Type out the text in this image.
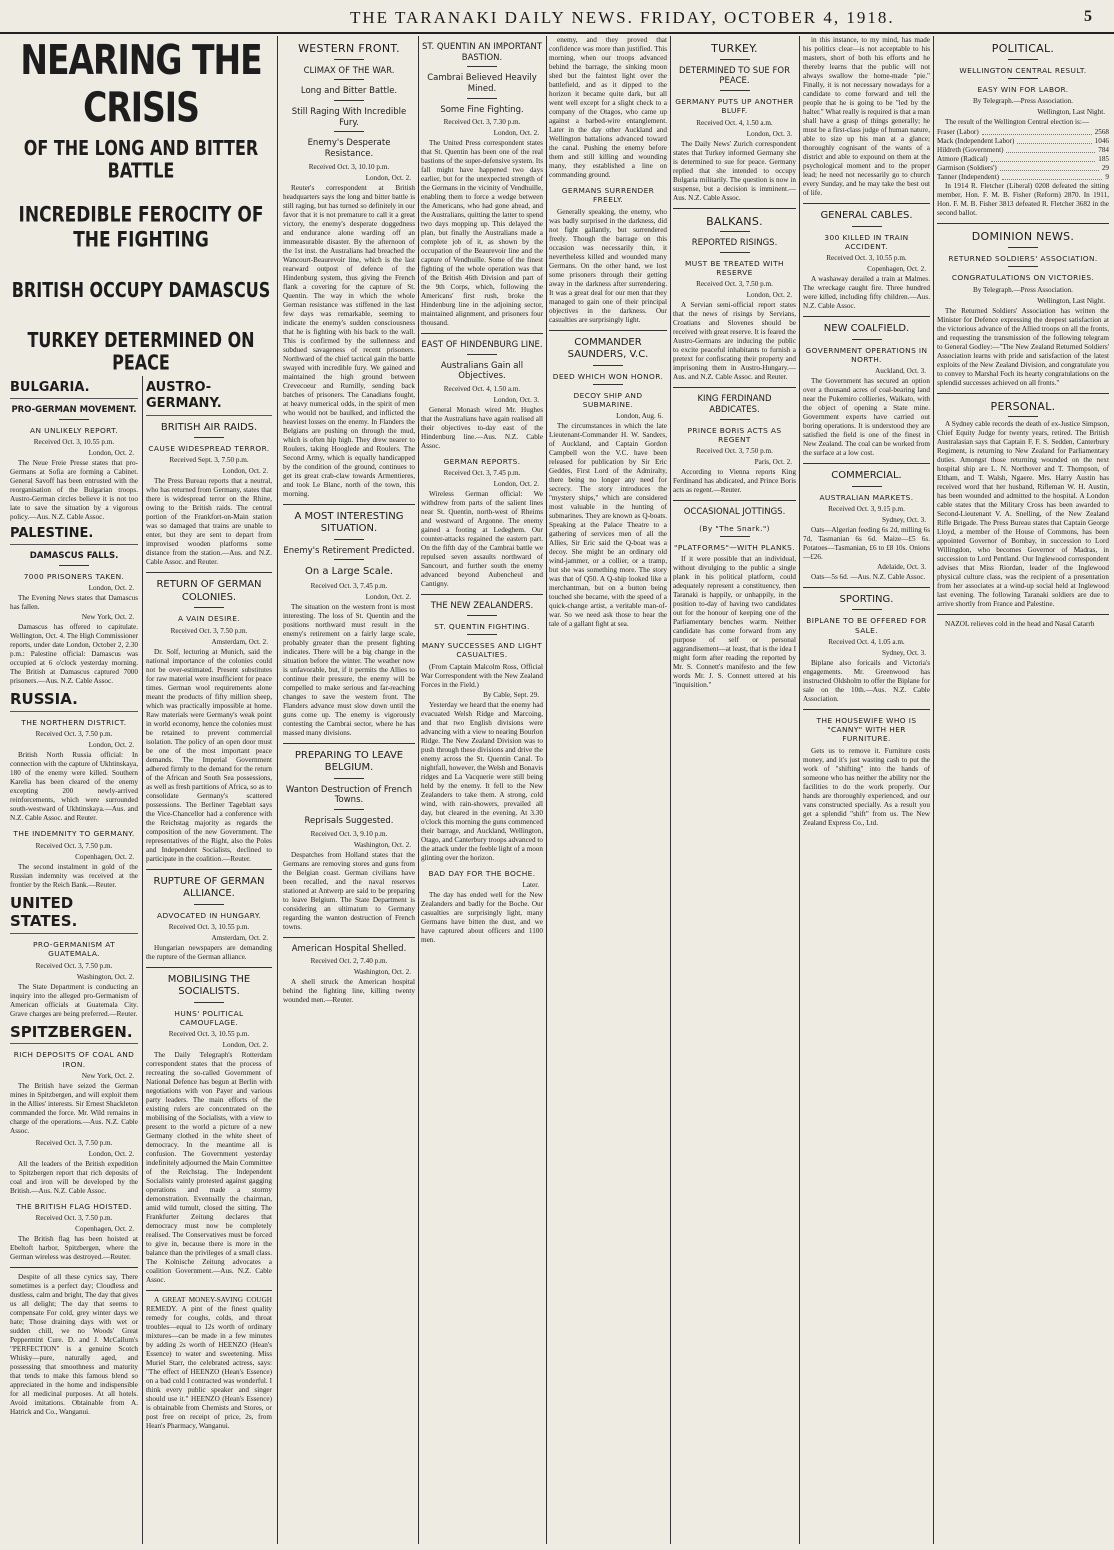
THE TARANAKI DAILY NEWS. FRIDAY, OCTOBER 4, 1918.	5
NEARING THE CRISIS
OF THE LONG AND BITTER BATTLE
INCREDIBLE FEROCITY OF THE FIGHTING
BRITISH OCCUPY DAMASCUS
TURKEY DETERMINED ON PEACE
BULGARIA.
PRO-GERMAN MOVEMENT.
AN UNLIKELY REPORT.
Received Oct. 3, 10.55 p.m.
London, Oct. 2.

The Neue Freie Presse states that pro-Germans at Sofia are forming a Cabinet. General Savoff has been entrusted with the reorganisation of the Bulgarian troops. Austro-German circles believe it is not too late to save the situation by a vigorous policy.—Aus. N.Z. Cable Assoc.

PALESTINE.
DAMASCUS FALLS.
7000 PRISONERS TAKEN.
London, Oct. 2.

The Evening News states that Damascus has fallen.

New York, Oct. 2.

Damascus has offered to capitulate. Wellington, Oct. 4. The High Commissioner reports, under date London, October 2, 2.30 p.m.: Palestine official: Damascus was occupied at 6 o'clock yesterday morning. The British at Damascus captured 7000 prisoners.—Aus. N.Z. Cable Assoc.

RUSSIA.
THE NORTHERN DISTRICT.
Received Oct. 3, 7.50 p.m.
London, Oct. 2.

British North Russia official: In connection with the capture of Ukhtinskaya, 180 of the enemy were killed. Southern Karelia has been cleared of the enemy excepting 200 newly-arrived reinforcements, which were surrounded south-westward of Ukhtinskaya.—Aus. and N.Z. Cable Assoc. and Reuter.

THE INDEMNITY TO GERMANY.
Received Oct. 3, 7.50 p.m.
Copenhagen, Oct. 2.

The second instalment in gold of the Russian indemnity was received at the frontier by the Reich Bank.—Reuter.

UNITED STATES.
PRO-GERMANISM AT GUATEMALA.
Received Oct. 3, 7.50 p.m.
Washington, Oct. 2.

The State Department is conducting an inquiry into the alleged pro-Germanism of American officials at Guatemala City. Grave charges are being preferred.—Reuter.

SPITZBERGEN.
RICH DEPOSITS OF COAL AND IRON.
New York, Oct. 2.

The British have seized the German mines in Spitzbergen, and will exploit them in the Allies' interests. Sir Ernest Shackleton commanded the force. Mr. Wild remains in charge of the operations.—Aus. N.Z. Cable Assoc.

Received Oct. 3, 7.50 p.m.
London, Oct. 2.

All the leaders of the British expedition to Spitzbergen report that rich deposits of coal and iron will be developed by the British.—Aus. N.Z. Cable Assoc.

THE BRITISH FLAG HOISTED.
Received Oct. 3, 7.50 p.m.
Copenhagen, Oct. 2.

The British flag has been hoisted at Ebeltoft harbor, Spitzbergen, where the German wireless was destroyed.—Reuter.

Despite of all these cynics say, There sometimes is a perfect day; Cloudless and dustless, calm and bright, The day that gives us all delight; The day that seems to compensate For cold, grey winter days we hate; Those draining days with wet or sudden chill, we no Woods' Great Peppermint Cure. D. and J. McCallum's "PERFECTION" is a genuine Scotch Whisky—pure, naturally aged, and possessing that smoothness and maturity that tends to make this famous blend so appreciated in the home and indispensible for all medicinal purposes. At all hotels. Avoid imitations. Obtainable from A. Hatrick and Co., Wanganui.

AUSTRO-GERMANY.
BRITISH AIR RAIDS.
CAUSE WIDESPREAD TERROR.
Received Sept. 3, 7.50 p.m.
London, Oct. 2.

The Press Bureau reports that a neutral, who has returned from Germany, states that there is widespread terror on the Rhine, owing to the British raids. The central portion of the Frankfort-on-Main station was so damaged that trains are unable to enter, but they are sent to depart from improvised wooden platforms some distance from the station.—Aus. and N.Z. Cable Assoc. and Reuter.

RETURN OF GERMAN COLONIES.
A VAIN DESIRE.
Received Oct. 3, 7.50 p.m.
Amsterdam, Oct. 2.

Dr. Solf, lecturing at Munich, said the national importance of the colonies could not be over-estimated. Present substitutes for raw material were insufficient for peace times. German wool requirements alone meant the products of fifty million sheep, which was practically impossible at home. Raw materials were Germany's weak point in world economy, hence the colonies must be retained to prevent commercial isolation. The policy of an open door must be one of the most important peace demands. The Imperial Government adhered firmly to the demand for the return of the African and South Sea possessions, as well as fresh partitions of Africa, so as to consolidate Germany's scattered possessions. The Berliner Tageblatt says the Vice-Chancellor had a conference with the Reichstag majority as regards the composition of the new Government. The representatives of the Right, also the Poles and Independent Socialists, declined to participate in the coalition.—Reuter.

RUPTURE OF GERMAN ALLIANCE.
ADVOCATED IN HUNGARY.
Received Oct. 3, 10.55 p.m.
Amsterdam, Oct. 2.

Hungarian newspapers are demanding the rupture of the German alliance.

MOBILISING THE SOCIALISTS.
HUNS' POLITICAL CAMOUFLAGE.
Received Oct. 3, 10.55 p.m.
London, Oct. 2.

The Daily Telegraph's Rotterdam correspondent states that the process of recreating the so-called Government of National Defence has begun at Berlin with negotiations with von Payer and various party leaders. The main efforts of the existing rulers are concentrated on the mobilising of the Socialists, with a view to present to the world a picture of a new Germany clothed in the white sheet of democracy. In the meantime all is confusion. The Government yesterday indefinitely adjourned the Main Committee of the Reichstag. The Independent Socialists vainly protested against gagging operations and made a stormy demonstration. Eventually the chairman, amid wild tumult, closed the sitting. The Frankfurter Zeitung declares that democracy must now be completely realised. The Conservatives must be forced to give in, because there is more in the balance than the privileges of a small class. The Kolnische Zeitung advocates a coalition Government.—Aus. N.Z. Cable Assoc.

A GREAT MONEY-SAVING COUGH REMEDY. A pint of the finest quality remedy for coughs, colds, and throat troubles—equal to 12s worth of ordinary mixtures—can be made in a few minutes by adding 2s worth of HEENZO (Hean's Essence) to water and sweetening. Miss Muriel Starr, the celebrated actress, says: "The effect of HEENZO (Hean's Essence) on a bad cold I contracted was wonderful. I think every public speaker and singer should use it." HEENZO (Hean's Essence) is obtainable from Chemists and Stores, or post free on receipt of price, 2s, from Hean's Pharmacy, Wanganui.

WESTERN FRONT.
CLIMAX OF THE WAR.
Long and Bitter Battle.
Still Raging With Incredible Fury.
Enemy's Desperate Resistance.
Received Oct. 3, 10.10 p.m.
London, Oct. 2.

Reuter's correspondent at British headquarters says the long and bitter battle is still raging, but has turned so definitely in our favor that it is not premature to call it a great victory, the enemy's desperate doggedness and endurance alone warding off an immeasurable disaster. By the afternoon of the 1st inst. the Australians had breached the Wancourt-Beaurevoir line, which is the last rearward outpost of defence of the Hindenburg system, thus giving the French flank a covering for the capture of St. Quentin. The way in which the whole German resistance was stiffened in the last few days was remarkable, seeming to indicate the enemy's sudden consciousness that he is fighting with his back to the wall. This is confirmed by the sullenness and subdued savageness of recent prisoners. Northward of the chief tactical gain the battle swayed with incredible fury. We gained and maintained the high ground between Crevecoeur and Rumilly, sending back batches of prisoners. The Canadians fought, at heavy numerical odds, in the spirit of men who would not be baulked, and inflicted the heaviest losses on the enemy. In Flanders the Belgians are pushing on through the mud, which is often hip high. They drew nearer to Roulers, taking Hooglede and Roulers. The Second Army, which is equally handicapped by the condition of the ground, continues to get its great crab-claw towards Armentieres, and took Le Blanc, north of the town, this morning.

A MOST INTERESTING SITUATION.
Enemy's Retirement Predicted.
On a Large Scale.
Received Oct. 3, 7.45 p.m.
London, Oct. 2.

The situation on the western front is most interesting. The loss of St. Quentin and the positions northward must result in the enemy's retirement on a fairly large scale, probably greater than the present fighting indicates. There will be a big change in the situation before the winter. The weather now is unfavorable, but, if it permits the Allies to continue their pressure, the enemy will be compelled to make serious and far-reaching changes to save the western front. The Flanders advance must slow down until the guns come up. The enemy is vigorously contesting the Cambrai sector, where he has massed many divisions.

PREPARING TO LEAVE BELGIUM.
Wanton Destruction of French Towns.
Reprisals Suggested.
Received Oct. 3, 9.10 p.m.
Washington, Oct. 2.

Despatches from Holland states that the Germans are removing stores and guns from the Belgian coast. German civilians have been recalled, and the naval reserves stationed at Antwerp are said to be preparing to leave Belgium. The State Department is considering an ultimatum to Germany regarding the wanton destruction of French towns.

American Hospital Shelled.
Received Oct. 2, 7.40 p.m.
Washington, Oct. 2.

A shell struck the American hospital behind the fighting line, killing twenty wounded men.—Reuter.

ST. QUENTIN AN IMPORTANT BASTION.
Cambrai Believed Heavily Mined.
Some Fine Fighting.
Received Oct. 3, 7.30 p.m.
London, Oct. 2.

The United Press correspondent states that St. Quentin has been one of the real bastions of the super-defensive system. Its fall might have happened two days earlier, but for the unexpected strength of the Germans in the vicinity of Vendhuille, enabling them to force a wedge between the Americans, who had gone ahead, and the Australians, quitting the latter to spend two days mopping up. This delayed the plan, but finally the Australians made a complete job of it, as shown by the occupation of the Beaurevoir line and the capture of Vendhuille. Some of the finest fighting of the whole operation was that of the British 46th Division and part of the 9th Corps, which, following the Americans' first rush, broke the Hindenburg line in the adjoining sector, maintained alignment, and prisoners four thousand.

EAST OF HINDENBURG LINE.
Australians Gain all Objectives.
Received Oct. 4, 1.50 a.m.
London, Oct. 3.

General Monash wired Mr. Hughes that the Australians have again realised all their objectives to-day east of the Hindenburg line.—Aus. N.Z. Cable Assoc.

GERMAN REPORTS.
Received Oct. 3, 7.45 p.m.
London, Oct. 2.

Wireless German official: We withdrew from parts of the salient lines near St. Quentin, north-west of Rheims and westward of Argonne. The enemy gained a footing at Ledeghem. Our counter-attacks regained the eastern part. On the fifth day of the Cambrai battle we repulsed seven assaults northward of Sancourt, and further south the enemy advanced beyond Aubencheul and Cantigny.

THE NEW ZEALANDERS.
ST. QUENTIN FIGHTING.
MANY SUCCESSES AND LIGHT CASUALTIES.

(From Captain Malcolm Ross, Official War Correspondent with the New Zealand Forces in the Field.)

By Cable, Sept. 29.

Yesterday we heard that the enemy had evacuated Welsh Ridge and Marcoing, and that two English divisions were advancing with a view to nearing Bourlon Ridge. The New Zealand Division was to push through these divisions and drive the enemy across the St. Quentin Canal. To nightfall, however, the Welsh and Bonavis ridges and La Vacquerie were still being held by the enemy. It fell to the New Zealanders to take them. A strong, cold wind, with rain-showers, prevailed all day, but cleared in the evening. At 3.30 o'clock this morning the guns commenced their barrage, and Auckland, Wellington, Otago, and Canterbury troops advanced to the attack under the feeble light of a moon glinting over the horizon.

BAD DAY FOR THE BOCHE.
Later.

The day has ended well for the New Zealanders and badly for the Boche. Our casualties are surprisingly light, many Germans have bitten the dust, and we have captured about officers and 1100 men.

enemy, and they proved that confidence was more than justified. This morning, when our troops advanced behind the barrage, the sinking moon shed but the faintest light over the battlefield, and as it dipped to the horizon it became quite dark, but all went well except for a slight check to a company of the Otagos, who came up against a barbed-wire entanglement. Later in the day other Auckland and Wellington battalions advanced toward the canal. Pushing the enemy before them and still killing and wounding many, they established a line on commanding ground.

GERMANS SURRENDER FREELY.

Generally speaking, the enemy, who was badly surprised in the darkness, did not fight gallantly, but surrendered freely. Though the barrage on this occasion was necessarily thin, it nevertheless killed and wounded many Germans. On the other hand, we lost some prisoners through their getting away in the darkness after surrendering. It was a great deal for our men that they managed to gain one of their principal objectives in the darkness. Our casualties are surprisingly light.

COMMANDER SAUNDERS, V.C.
DEED WHICH WON HONOR.
DECOY SHIP AND SUBMARINE.
London, Aug. 6.

The circumstances in which the late Lieutenant-Commander H. W. Sanders, of Auckland, and Captain Gordon Campbell won the V.C. have been released for publication by Sir Eric Geddes, First Lord of the Admiralty, there being no longer any need for secrecy. The story introduces the "mystery ships," which are considered most valuable in the hunting of submarines. They are known as Q-boats. Speaking at the Palace Theatre to a gathering of services men of all the Allies, Sir Eric said the Q-boat was a decoy. She might be an ordinary old wind-jammer, or a collier, or a tramp, but she was something more. The story was that of Q50. A Q-ship looked like a merchantman, but on a button being touched she became, with the speed of a quick-change artist, a veritable man-of-war. So we need ask those to hear the tale of a gallant fight at sea.

TURKEY.
DETERMINED TO SUE FOR PEACE.
GERMANY PUTS UP ANOTHER BLUFF.
Received Oct. 4, 1.50 a.m.
London, Oct. 3.

The Daily News' Zurich correspondent states that Turkey informed Germany she is determined to sue for peace. Germany replied that she intended to occupy Bulgaria militarily. The question is now in suspense, but a decision is imminent.—Aus. N.Z. Cable Assoc.

BALKANS.
REPORTED RISINGS.
MUST BE TREATED WITH RESERVE
Received Oct. 3, 7.50 p.m.
London, Oct. 2.

A Servian semi-official report states that the news of risings by Servians, Croatians and Slovenes should be received with great reserve. It is feared the Austro-Germans are inducing the public to excite peaceful inhabitants to furnish a pretext for confiscating their property and imprisoning them in Austro-Hungary.—Aus. and N.Z. Cable Assoc. and Reuter.

KING FERDINAND ABDICATES.
PRINCE BORIS ACTS AS REGENT
Received Oct. 3, 7.50 p.m.
Paris, Oct. 2.

According to Vienna reports King Ferdinand has abdicated, and Prince Boris acts as regent.—Reuter.

OCCASIONAL JOTTINGS.
(By "The Snark.")
"PLATFORMS"—WITH PLANKS.

If it were possible that an individual, without divulging to the public a single plank in his political platform, could adequately represent a constituency, then Taranaki is happily, or unhappily, in the position to-day of having two candidates out for the honour of keeping one of the Parliamentary benches warm. Neither candidate has come forward from any purpose of self or personal aggrandisement—at least, that is the idea I might form after reading the reported by Mr. S. Connett's manifesto and the few words Mr. J. S. Connett uttered at his "inquisition."

in this instance, to my mind, has made his politics clear—is not acceptable to his masters, short of both his efforts and he thereby learns that the public will not always swallow the home-made "pie." Finally, it is not necessary nowadays for a candidate to come forward and tell the people that he is going to be "led by the halter." What really is required is that a man shall have a grasp of things generally; he must be a first-class judge of human nature, able to size up his man at a glance; thoroughly cognisant of the wants of a district and able to expound on them at the psychological moment and to the proper lead; he need not necessarily go to church every Sunday, and he may take the best out of life.

GENERAL CABLES.
300 KILLED IN TRAIN ACCIDENT.
Received Oct. 3, 10.55 p.m.
Copenhagen, Oct. 2.

A washaway derailed a train at Malmes. The wreckage caught fire. Three hundred were killed, including fifty children.—Aus. N.Z. Cable Assoc.

NEW COALFIELD.
GOVERNMENT OPERATIONS IN NORTH.
Auckland, Oct. 3.

The Government has secured an option over a thousand acres of coal-bearing land near the Pukemiro collieries, Waikato, with the object of opening a State mine. Government experts have carried out boring operations. It is understood they are satisfied the field is one of the finest in New Zealand. The coal can be worked from the surface at a low cost.

COMMERCIAL.
AUSTRALIAN MARKETS.
Received Oct. 3, 9.15 p.m.
Sydney, Oct. 3.

Oats—Algerian feeding 6s 2d, milling 6s 7d, Tasmanian 6s 6d. Maize—£5 6s. Potatoes—Tasmanian, £6 to £8 10s. Onions—£26.

Adelaide, Oct. 3.

Oats—5s 6d. —Aus. N.Z. Cable Assoc.

SPORTING.
BIPLANE TO BE OFFERED FOR SALE.
Received Oct. 4, 1.05 a.m.
Sydney, Oct. 3.

Biplane also foricails and Victoria's engagements. Mr. Greenwood has instructed Oldsholm to offer the Biplane for sale on the 10th.—Aus. N.Z. Cable Association.

THE HOUSEWIFE WHO IS "CANNY" WITH HER FURNITURE.

Gets us to remove it. Furniture costs money, and it's just wasting cash to put the work of "shifting" into the hands of someone who has neither the ability nor the facilities to do the work properly. Our hands are thoroughly experienced, and our vans constructed specially. As a result you get a splendid "shift" from us. The New Zealand Express Co., Ltd.

POLITICAL.
WELLINGTON CENTRAL RESULT.
EASY WIN FOR LABOR.
By Telegraph.—Press Association.
Wellington, Last Night.

The result of the Wellington Central election is:—

Fraser (Labor)	2568
Mack (Independent Labor)	1046
Hildreth (Government)	784
Atmore (Radical)	185
Garmison (Soldiers')	29
Tanner (Independent)	9

In 1914 R. Fletcher (Liberal) 0208 defeated the sitting member, Hon. F. M. B. Fisher (Reform) 2870. In 1911, Hon. F. M. B. Fisher 3813 defeated R. Fletcher 3682 in the second ballot.

DOMINION NEWS.
RETURNED SOLDIERS' ASSOCIATION.
CONGRATULATIONS ON VICTORIES.
By Telegraph.—Press Association.
Wellington, Last Night.

The Returned Soldiers' Association has written the Minister for Defence expressing the deepest satisfaction at the victorious advance of the Allied troops on all the fronts, and requesting the transmission of the following telegram to General Godley:—"The New Zealand Returned Soldiers' Association learns with pride and satisfaction of the latest exploits of the New Zealand Division, and congratulate you to convey to Marshal Foch its hearty congratulations on the splendid successes achieved on all fronts."

PERSONAL.

A Sydney cable records the death of ex-Justice Simpson, Chief Equity Judge for twenty years, retired. The British Australasian says that Captain F. F. S. Sedden, Canterbury Regiment, is returning to New Zealand for Parliamentary duties. Amongst those returning wounded on the next hospital ship are L. N. Northover and T. Thompson, of Eltham, and T. Walsh, Ngaere. Mrs. Harry Austin has received word that her husband, Rifleman W. H. Austin, has been wounded and admitted to the hospital. A London cable states that the Military Cross has been awarded to Second-Lieutenant V. A. Snelling, of the New Zealand Rifle Brigade. The Press Bureau states that Captain George Lloyd, a member of the House of Commons, has been appointed Governor of Bombay, in succession to Lord Willingdon, who becomes Governor of Madras, in succession to Lord Pentland. Our Inglewood correspondent advises that Miss Riordan, leader of the Inglewood physical culture class, was the recipient of a presentation from her associates at a wind-up social held at Inglewood last evening. The following Taranaki soldiers are due to arrive shortly from France and Palestine.

NAZOL relieves cold in the head and Nasal Catarrh
